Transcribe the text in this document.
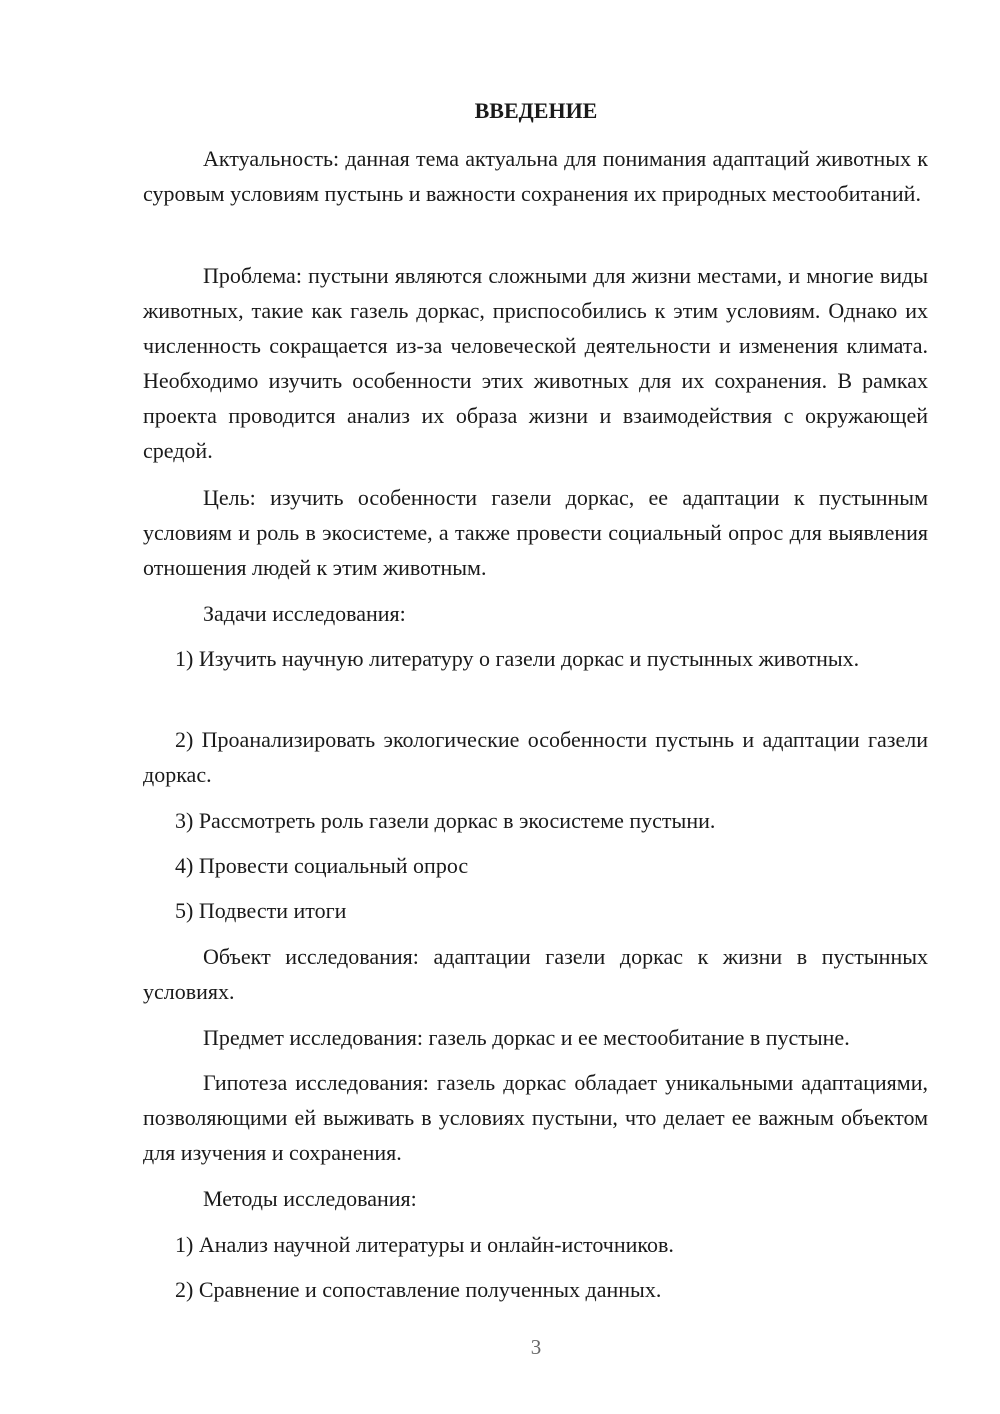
ВВЕДЕНИЕ

Актуальность: данная тема актуальна для понимания адаптаций животных к суровым условиям пустынь и важности сохранения их природных местообитаний.

Проблема: пустыни являются сложными для жизни местами, и многие виды животных, такие как газель доркас, приспособились к этим условиям. Однако их численность сокращается из-за человеческой деятельности и изменения климата. Необходимо изучить особенности этих животных для их сохранения. В рамках проекта проводится анализ их образа жизни и взаимодействия с окружающей средой.

Цель: изучить особенности газели доркас, ее адаптации к пустынным условиям и роль в экосистеме, а также провести социальный опрос для выявления отношения людей к этим животным.

Задачи исследования:

1) Изучить научную литературу о газели доркас и пустынных животных.

2) Проанализировать экологические особенности пустынь и адаптации газели доркас.

3) Рассмотреть роль газели доркас в экосистеме пустыни.

4) Провести социальный опрос

5) Подвести итоги

Объект исследования: адаптации газели доркас к жизни в пустынных условиях.

Предмет исследования: газель доркас и ее местообитание в пустыне.

Гипотеза исследования: газель доркас обладает уникальными адаптациями, позволяющими ей выживать в условиях пустыни, что делает ее важным объектом для изучения и сохранения.

Методы исследования:

1) Анализ научной литературы и онлайн-источников.

2) Сравнение и сопоставление полученных данных.

3
